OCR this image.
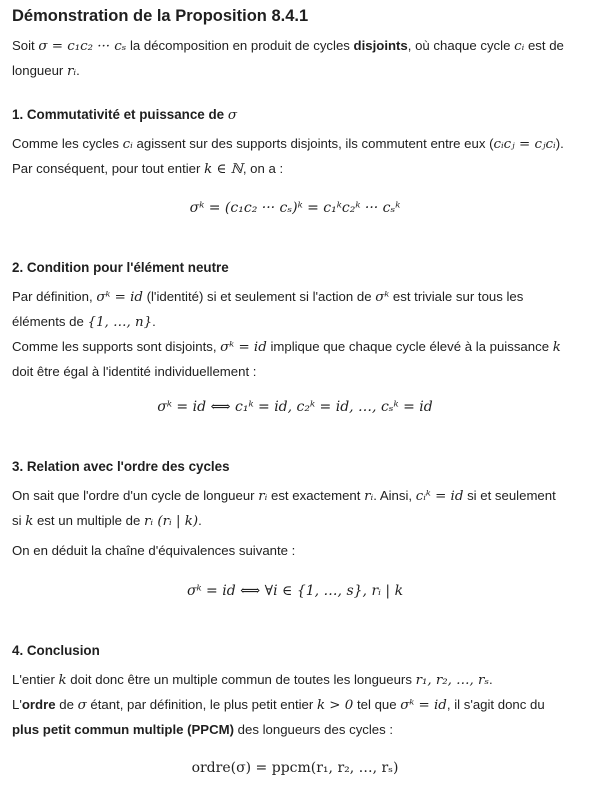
Démonstration de la Proposition 8.4.1

Soit σ = c₁c₂ ··· cₛ la décomposition en produit de cycles disjoints, où chaque cycle cᵢ est de
longueur rᵢ.

1. Commutativité et puissance de σ

Comme les cycles cᵢ agissent sur des supports disjoints, ils commutent entre eux (cᵢcⱼ = cⱼcᵢ).
Par conséquent, pour tout entier k ∈ ℕ, on a :

σᵏ = (c₁c₂ ··· cₛ)ᵏ = c₁ᵏc₂ᵏ ··· cₛᵏ

2. Condition pour l'élément neutre

Par définition, σᵏ = id (l'identité) si et seulement si l'action de σᵏ est triviale sur tous les
éléments de {1, …, n}.
Comme les supports sont disjoints, σᵏ = id implique que chaque cycle élevé à la puissance k
doit être égal à l'identité individuellement :

σᵏ = id ⟺ c₁ᵏ = id, c₂ᵏ = id, …, cₛᵏ = id

3. Relation avec l'ordre des cycles

On sait que l'ordre d'un cycle de longueur rᵢ est exactement rᵢ. Ainsi, cᵢᵏ = id si et seulement
si k est un multiple de rᵢ (rᵢ | k).

On en déduit la chaîne d'équivalences suivante :

σᵏ = id ⟺ ∀i ∈ {1, …, s}, rᵢ | k

4. Conclusion

L'entier k doit donc être un multiple commun de toutes les longueurs r₁, r₂, …, rₛ.
L'ordre de σ étant, par définition, le plus petit entier k > 0 tel que σᵏ = id, il s'agit donc du
plus petit commun multiple (PPCM) des longueurs des cycles :

ordre(σ) = ppcm(r₁, r₂, …, rₛ)
